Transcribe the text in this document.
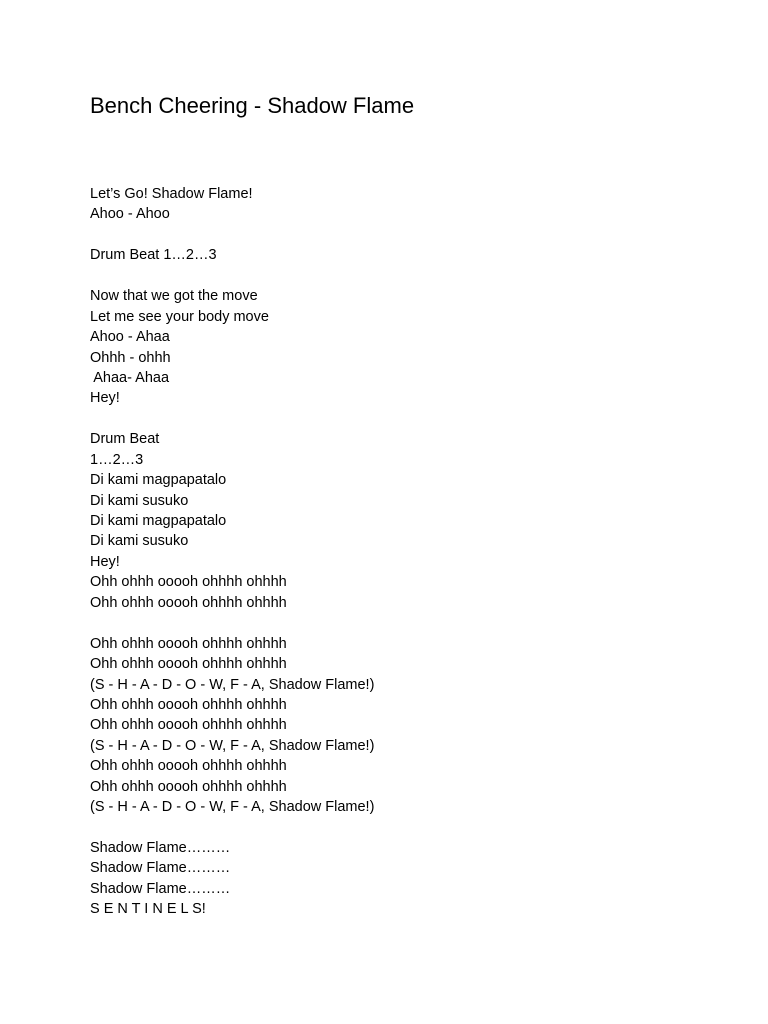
Bench Cheering - Shadow Flame
Let’s Go! Shadow Flame!
Ahoo - Ahoo
Drum Beat 1…2…3
Now that we got the move
Let me see your body move
Ahoo - Ahaa
Ohhh - ohhh
Ahaa- Ahaa
Hey!
Drum Beat
1…2…3
Di kami magpapatalo
Di kami susuko
Di kami magpapatalo
Di kami susuko
Hey!
Ohh ohhh ooooh ohhhh ohhhh
Ohh ohhh ooooh ohhhh ohhhh
Ohh ohhh ooooh ohhhh ohhhh
Ohh ohhh ooooh ohhhh ohhhh
(S - H - A - D - O - W, F - A, Shadow Flame!)
Ohh ohhh ooooh ohhhh ohhhh
Ohh ohhh ooooh ohhhh ohhhh
(S - H - A - D - O - W, F - A, Shadow Flame!)
Ohh ohhh ooooh ohhhh ohhhh
Ohh ohhh ooooh ohhhh ohhhh
(S - H - A - D - O - W, F - A, Shadow Flame!)
Shadow Flame………
Shadow Flame………
Shadow Flame………
S E N T I N E L S!
